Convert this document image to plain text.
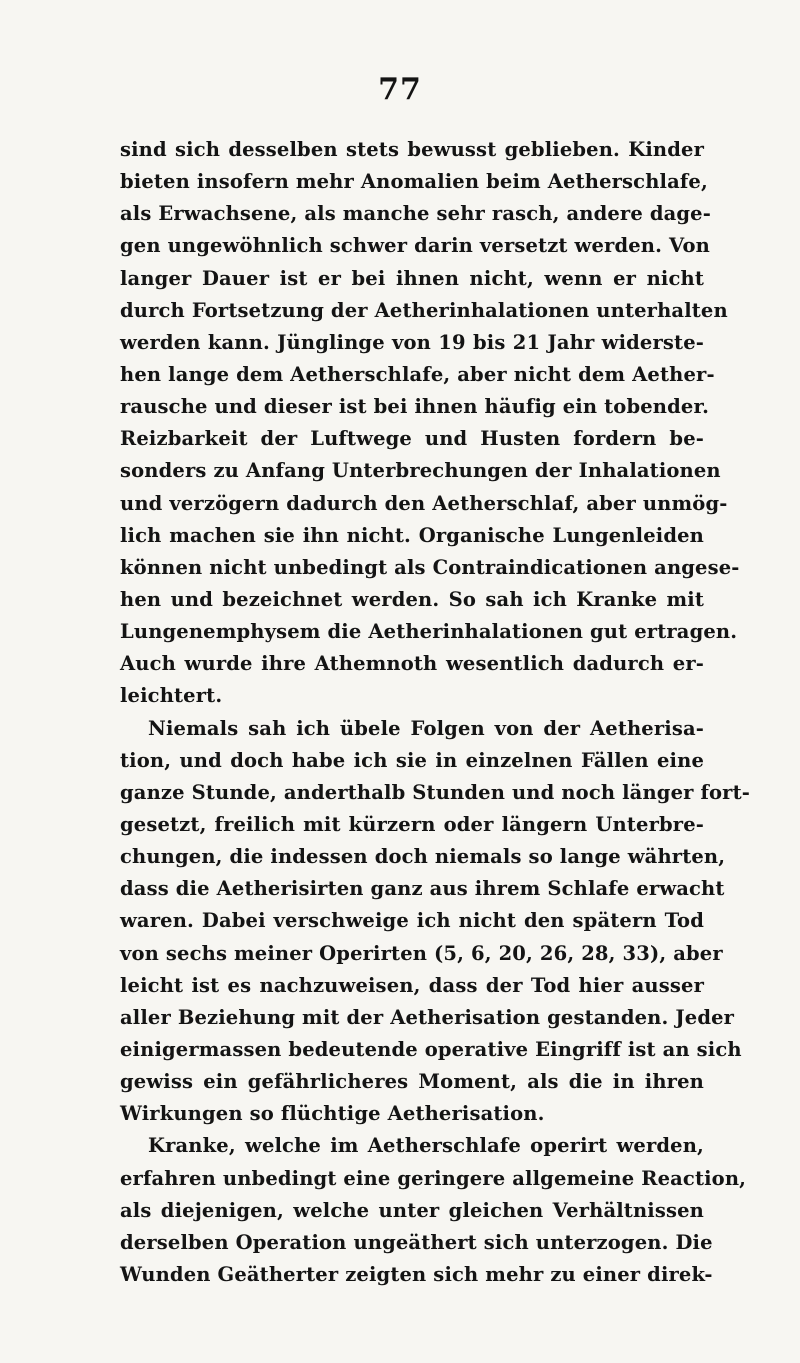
77
sind sich desselben stets bewusst geblieben. Kinder
bieten insofern mehr Anomalien beim Aetherschlafe,
als Erwachsene, als manche sehr rasch, andere dage-
gen ungewöhnlich schwer darin versetzt werden. Von
langer Dauer ist er bei ihnen nicht, wenn er nicht
durch Fortsetzung der Aetherinhalationen unterhalten
werden kann. Jünglinge von 19 bis 21 Jahr widerste-
hen lange dem Aetherschlafe, aber nicht dem Aether-
rausche und dieser ist bei ihnen häufig ein tobender.
Reizbarkeit der Luftwege und Husten fordern be-
sonders zu Anfang Unterbrechungen der Inhalationen
und verzögern dadurch den Aetherschlaf, aber unmög-
lich machen sie ihn nicht. Organische Lungenleiden
können nicht unbedingt als Contraindicationen angese-
hen und bezeichnet werden. So sah ich Kranke mit
Lungenemphysem die Aetherinhalationen gut ertragen.
Auch wurde ihre Athemnoth wesentlich dadurch er-
leichtert.
Niemals sah ich übele Folgen von der Aetherisa-
tion, und doch habe ich sie in einzelnen Fällen eine
ganze Stunde, anderthalb Stunden und noch länger fort-
gesetzt, freilich mit kürzern oder längern Unterbre-
chungen, die indessen doch niemals so lange währten,
dass die Aetherisirten ganz aus ihrem Schlafe erwacht
waren. Dabei verschweige ich nicht den spätern Tod
von sechs meiner Operirten (5, 6, 20, 26, 28, 33), aber
leicht ist es nachzuweisen, dass der Tod hier ausser
aller Beziehung mit der Aetherisation gestanden. Jeder
einigermassen bedeutende operative Eingriff ist an sich
gewiss ein gefährlicheres Moment, als die in ihren
Wirkungen so flüchtige Aetherisation.
Kranke, welche im Aetherschlafe operirt werden,
erfahren unbedingt eine geringere allgemeine Reaction,
als diejenigen, welche unter gleichen Verhältnissen
derselben Operation ungeäthert sich unterzogen. Die
Wunden Geätherter zeigten sich mehr zu einer direk-
